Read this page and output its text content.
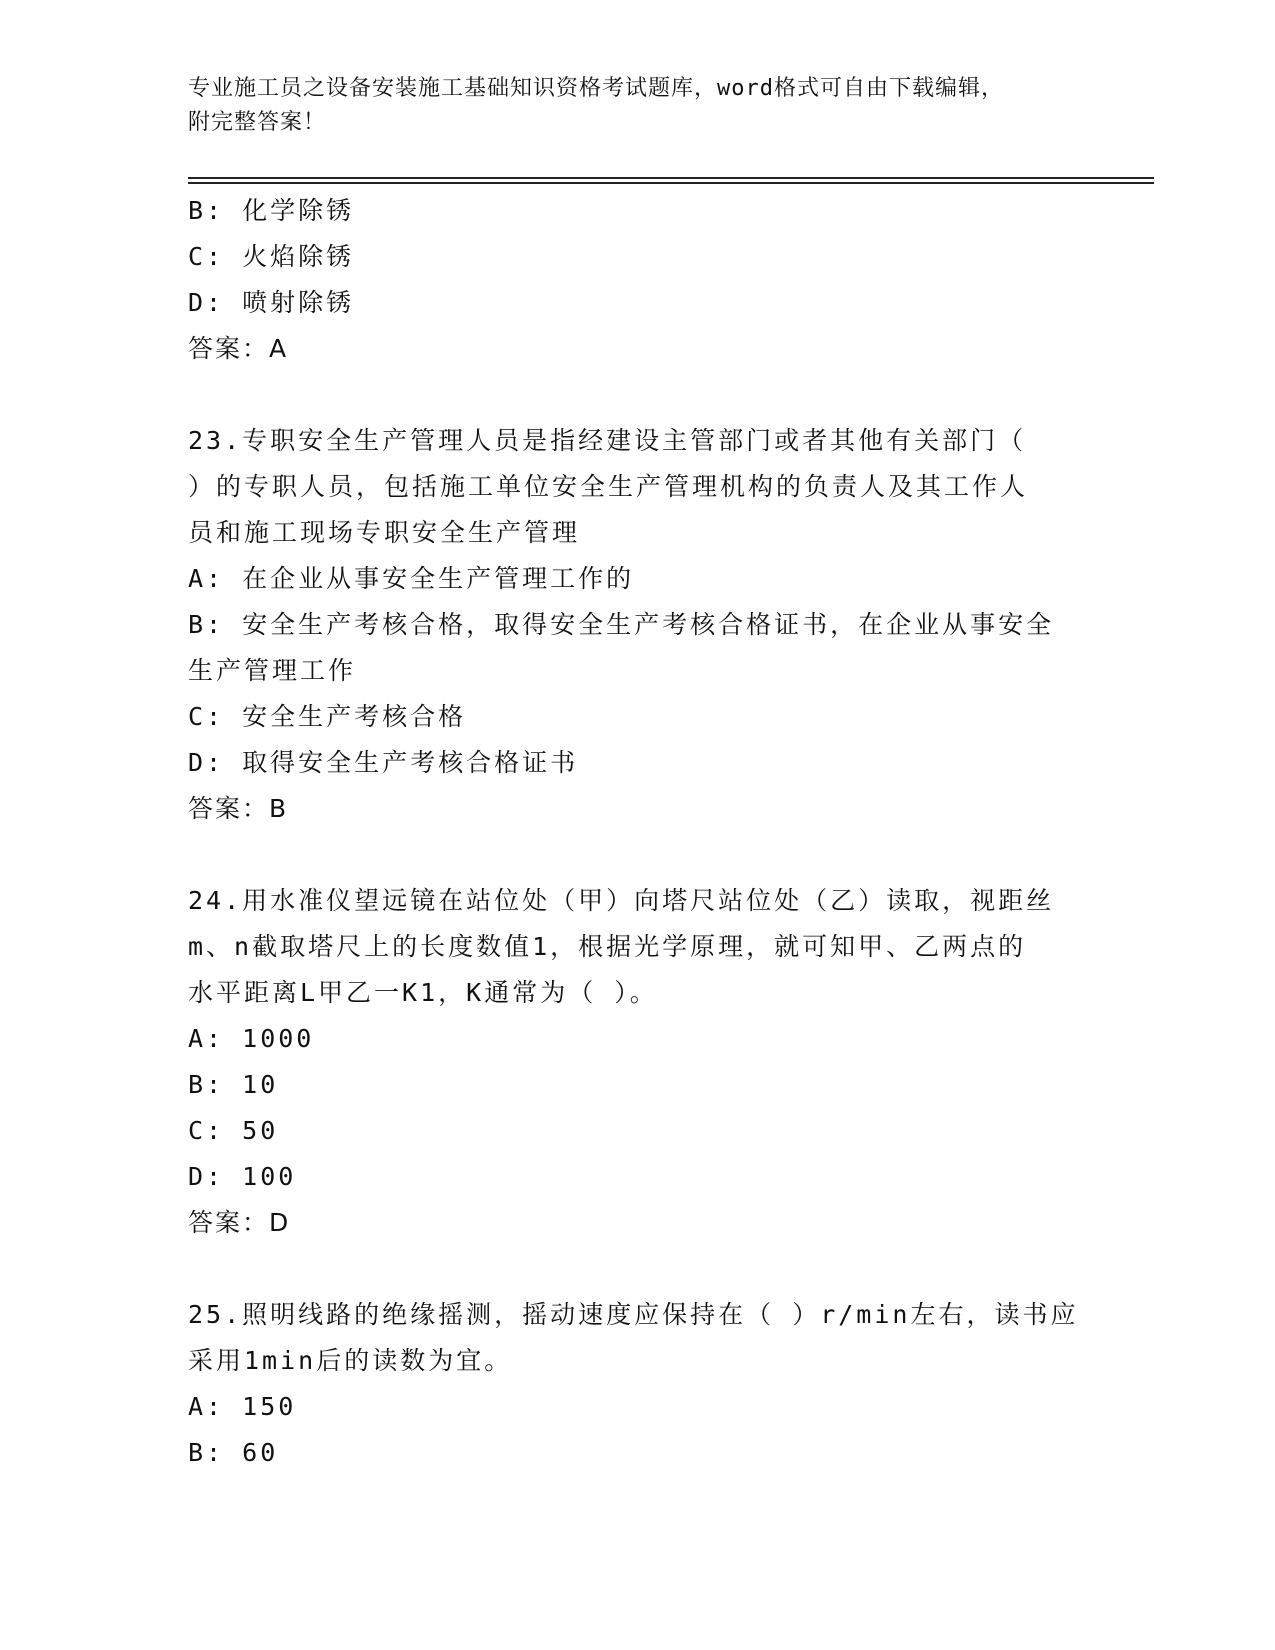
专业施工员之设备安装施工基础知识资格考试题库，word格式可自由下载编辑，
附完整答案！
B: 化学除锈
C: 火焰除锈
D: 喷射除锈
答案：A
23.专职安全生产管理人员是指经建设主管部门或者其他有关部门（
）的专职人员，包括施工单位安全生产管理机构的负责人及其工作人
员和施工现场专职安全生产管理
A: 在企业从事安全生产管理工作的
B: 安全生产考核合格，取得安全生产考核合格证书，在企业从事安全
生产管理工作
C: 安全生产考核合格
D: 取得安全生产考核合格证书
答案：B
24.用水准仪望远镜在站位处（甲）向塔尺站位处（乙）读取，视距丝
m、n截取塔尺上的长度数值1，根据光学原理，就可知甲、乙两点的
水平距离L甲乙一K1，K通常为（ ）。
A: 1000
B: 10
C: 50
D: 100
答案：D
25.照明线路的绝缘摇测，摇动速度应保持在（ ）r/min左右，读书应
采用1min后的读数为宜。
A: 150
B: 60
